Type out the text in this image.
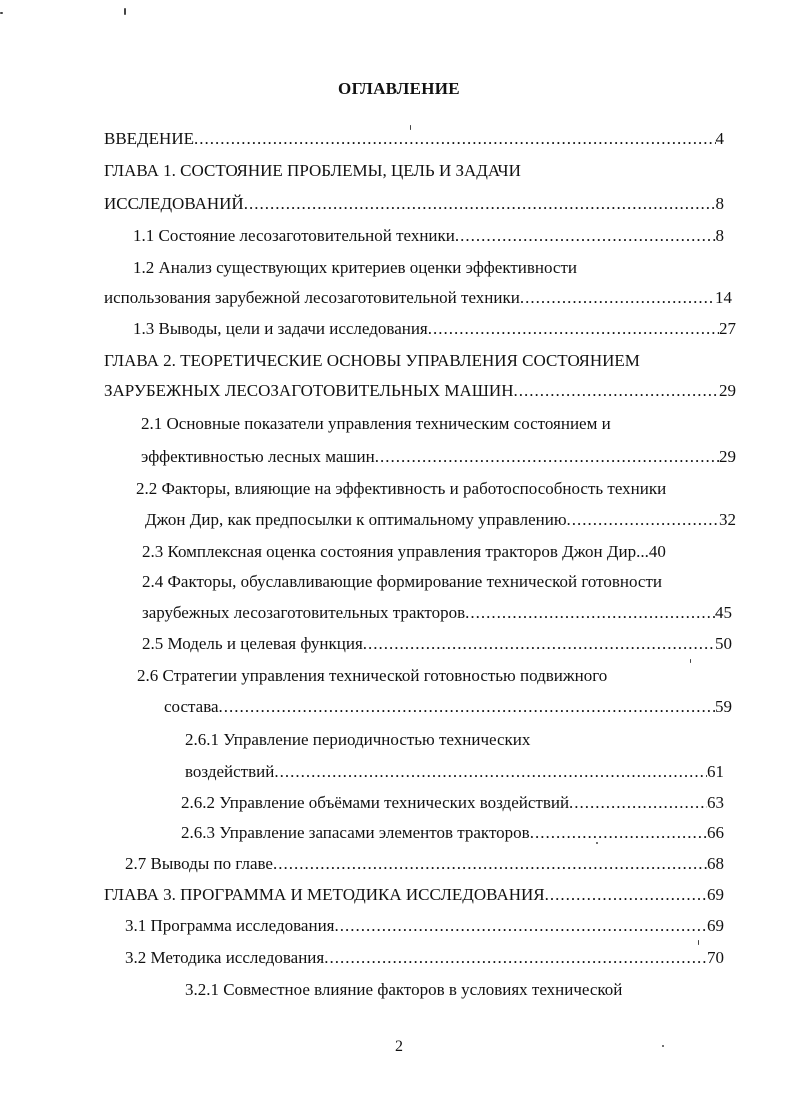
ОГЛАВЛЕНИЕ
ВВЕДЕНИЕ .....	4
ГЛАВА 1. СОСТОЯНИЕ ПРОБЛЕМЫ, ЦЕЛЬ И ЗАДАЧИ
ИССЛЕДОВАНИЙ .....	8
1.1 Состояние лесозаготовительной техники .....	8
1.2 Анализ существующих критериев оценки эффективности
использования зарубежной лесозаготовительной техники .....	14
1.3 Выводы, цели и задачи исследования .....	27
ГЛАВА 2. ТЕОРЕТИЧЕСКИЕ ОСНОВЫ УПРАВЛЕНИЯ СОСТОЯНИЕМ
ЗАРУБЕЖНЫХ ЛЕСОЗАГОТОВИТЕЛЬНЫХ МАШИН .....	29
2.1 Основные показатели управления техническим состоянием и
эффективностью лесных машин .....	29
2.2 Факторы, влияющие на эффективность и работоспособность техники
Джон Дир, как предпосылки к оптимальному управлению .....	32
2.3 Комплексная оценка состояния управления тракторов Джон Дир...40
2.4 Факторы, обуславливающие формирование технической готовности
зарубежных лесозаготовительных тракторов .....	45
2.5 Модель и целевая функция .....	50
2.6 Стратегии управления технической готовностью подвижного
состава .....	59
2.6.1 Управление периодичностью технических
воздействий .....	61
2.6.2 Управление объёмами технических воздействий .....	63
2.6.3 Управление запасами элементов тракторов .....	66
2.7 Выводы по главе .....	68
ГЛАВА 3. ПРОГРАММА И МЕТОДИКА ИССЛЕДОВАНИЯ .....	69
3.1 Программа исследования .....	69
3.2 Методика исследования .....	70
3.2.1 Совместное влияние факторов в условиях технической
2
